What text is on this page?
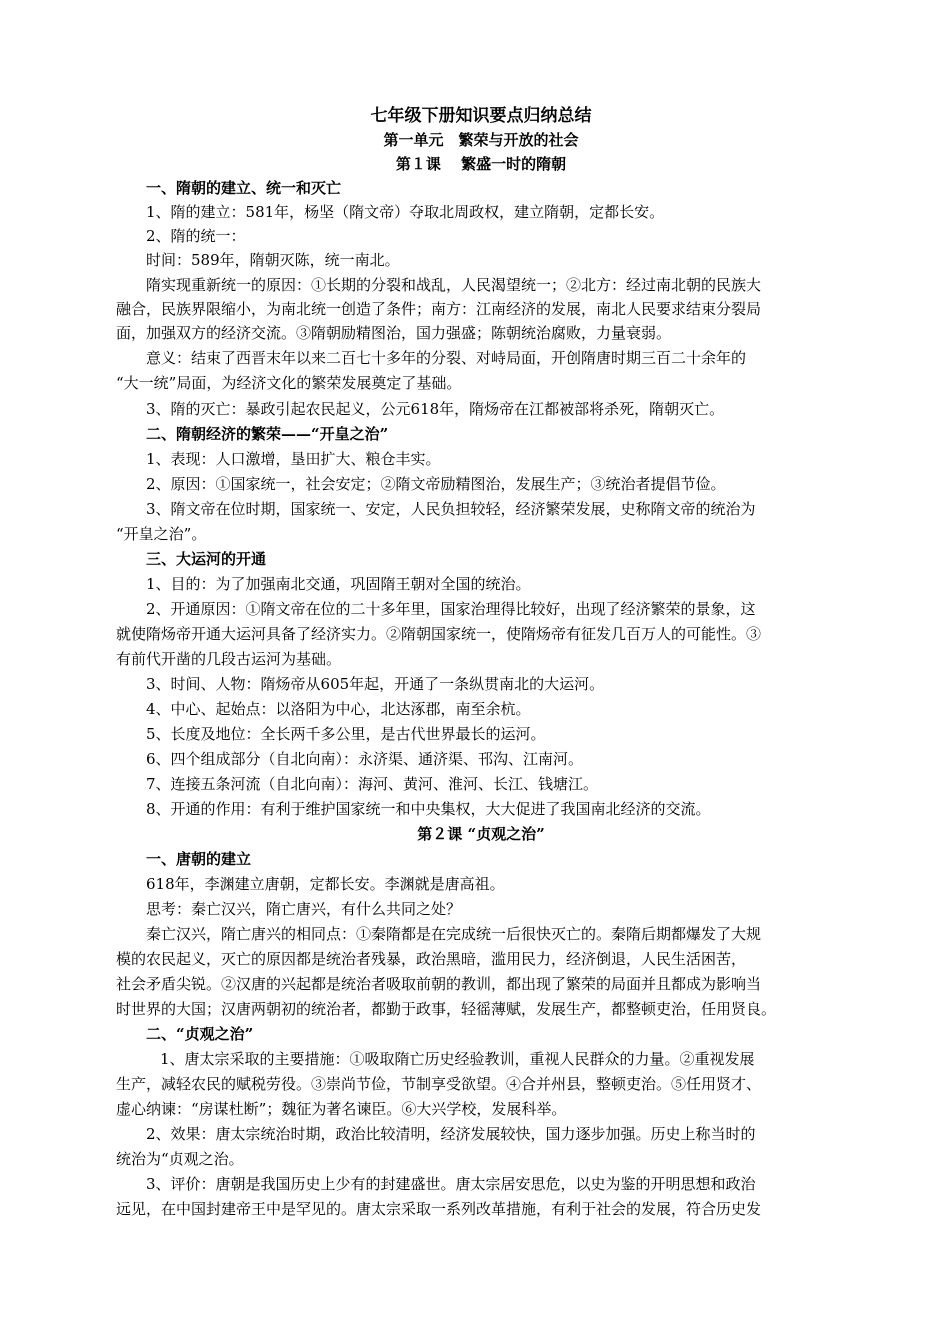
七年级下册知识要点归纳总结
第一单元　繁荣与开放的社会
第１课　 繁盛一时的隋朝
一、隋朝的建立、统一和灭亡
1、隋的建立：581年，杨坚（隋文帝）夺取北周政权，建立隋朝，定都长安。
2、隋的统一：
时间：589年，隋朝灭陈，统一南北。
隋实现重新统一的原因：①长期的分裂和战乱，人民渴望统一；②北方：经过南北朝的民族大
融合，民族界限缩小，为南北统一创造了条件；南方：江南经济的发展，南北人民要求结束分裂局
面，加强双方的经济交流。③隋朝励精图治，国力强盛；陈朝统治腐败，力量衰弱。
意义：结束了西晋末年以来二百七十多年的分裂、对峙局面，开创隋唐时期三百二十余年的
“大一统”局面，为经济文化的繁荣发展奠定了基础。
3、隋的灭亡：暴政引起农民起义，公元618年，隋炀帝在江都被部将杀死，隋朝灭亡。
二、隋朝经济的繁荣——“开皇之治”
1、表现：人口激增，垦田扩大、粮仓丰实。
2、原因：①国家统一，社会安定；②隋文帝励精图治，发展生产；③统治者提倡节俭。
3、隋文帝在位时期，国家统一、安定，人民负担较轻，经济繁荣发展，史称隋文帝的统治为
“开皇之治”。
三、大运河的开通
1、目的：为了加强南北交通，巩固隋王朝对全国的统治。
2、开通原因：①隋文帝在位的二十多年里，国家治理得比较好，出现了经济繁荣的景象，这
就使隋炀帝开通大运河具备了经济实力。②隋朝国家统一，使隋炀帝有征发几百万人的可能性。③
有前代开凿的几段古运河为基础。
3、时间、人物：隋炀帝从605年起，开通了一条纵贯南北的大运河。
4、中心、起始点：以洛阳为中心，北达涿郡，南至余杭。
5、长度及地位：全长两千多公里，是古代世界最长的运河。
6、四个组成部分（自北向南）：永济渠、通济渠、邗沟、江南河。
7、连接五条河流（自北向南）：海河、黄河、淮河、长江、钱塘江。
8、开通的作用：有利于维护国家统一和中央集权，大大促进了我国南北经济的交流。
第２课 “贞观之治”
一、唐朝的建立
618年，李渊建立唐朝，定都长安。李渊就是唐高祖。
思考：秦亡汉兴，隋亡唐兴，有什么共同之处？
秦亡汉兴，隋亡唐兴的相同点：①秦隋都是在完成统一后很快灭亡的。秦隋后期都爆发了大规
模的农民起义，灭亡的原因都是统治者残暴，政治黑暗，滥用民力，经济倒退，人民生活困苦，
社会矛盾尖锐。②汉唐的兴起都是统治者吸取前朝的教训，都出现了繁荣的局面并且都成为影响当
时世界的大国；汉唐两朝初的统治者，都勤于政事，轻徭薄赋，发展生产，都整顿吏治，任用贤良。
二、“贞观之治”
1、唐太宗采取的主要措施：①吸取隋亡历史经验教训，重视人民群众的力量。②重视发展
生产，减轻农民的赋税劳役。③崇尚节俭，节制享受欲望。④合并州县，整顿吏治。⑤任用贤才、
虚心纳谏：“房谋杜断”；魏征为著名谏臣。⑥大兴学校，发展科举。
2、效果：唐太宗统治时期，政治比较清明，经济发展较快，国力逐步加强。历史上称当时的
统治为“贞观之治。
3、评价：唐朝是我国历史上少有的封建盛世。唐太宗居安思危，以史为鉴的开明思想和政治
远见，在中国封建帝王中是罕见的。唐太宗采取一系列改革措施，有利于社会的发展，符合历史发
